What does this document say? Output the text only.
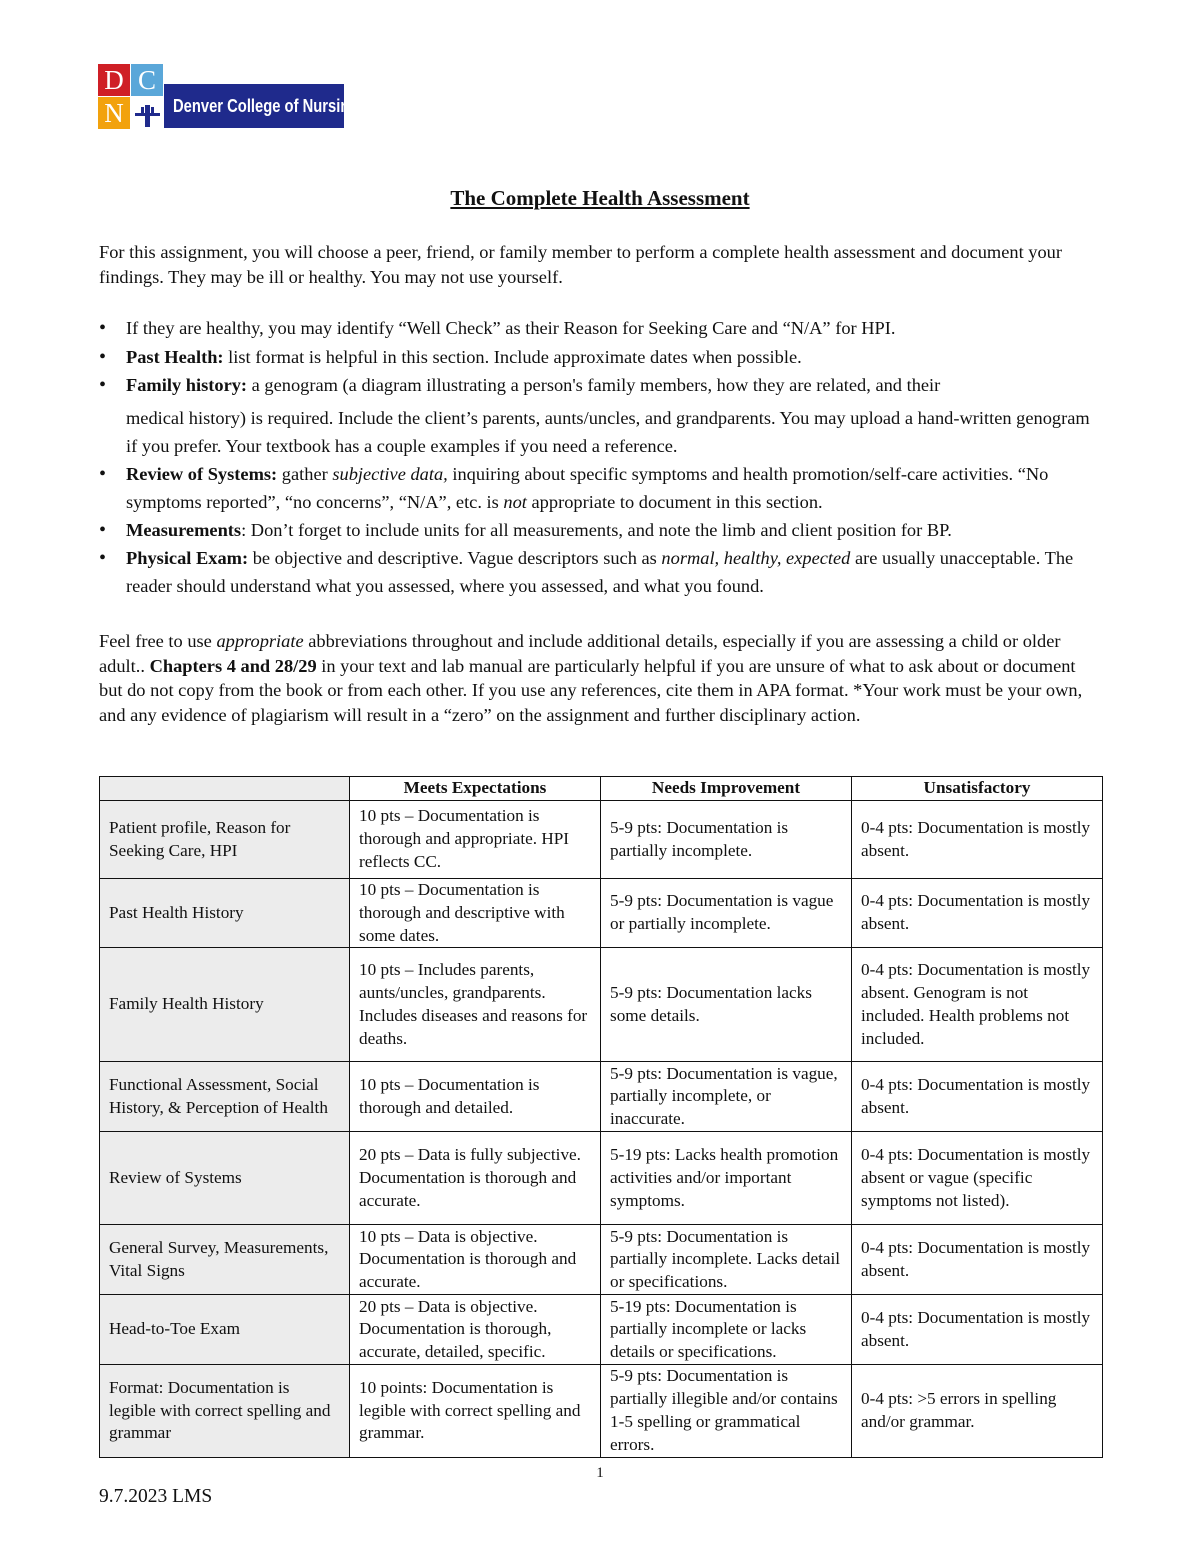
D C
N	Denver College of Nursing
The Complete Health Assessment

For this assignment, you will choose a peer, friend, or family member to perform a complete health assessment and document your findings. They may be ill or healthy. You may not use yourself.

• If they are healthy, you may identify “Well Check” as their Reason for Seeking Care and “N/A” for HPI.
• Past Health: list format is helpful in this section. Include approximate dates when possible.
• Family history: a genogram (a diagram illustrating a person's family members, how they are related, and their
medical history) is required. Include the client’s parents, aunts/uncles, and grandparents. You may upload a hand-written genogram if you prefer. Your textbook has a couple examples if you need a reference.
• Review of Systems: gather subjective data, inquiring about specific symptoms and health promotion/self-care activities. “No symptoms reported”, “no concerns”, “N/A”, etc. is not appropriate to document in this section.
• Measurements: Don’t forget to include units for all measurements, and note the limb and client position for BP.
• Physical Exam: be objective and descriptive. Vague descriptors such as normal, healthy, expected are usually unacceptable. The reader should understand what you assessed, where you assessed, and what you found.

Feel free to use appropriate abbreviations throughout and include additional details, especially if you are assessing a child or older adult.. Chapters 4 and 28/29 in your text and lab manual are particularly helpful if you are unsure of what to ask about or document but do not copy from the book or from each other. If you use any references, cite them in APA format. *Your work must be your own, and any evidence of plagiarism will result in a “zero” on the assignment and further disciplinary action.

	Meets Expectations	Needs Improvement	Unsatisfactory
Patient profile, Reason for Seeking Care, HPI	10 pts – Documentation is thorough and appropriate. HPI reflects CC.	5-9 pts: Documentation is partially incomplete.	0-4 pts: Documentation is mostly absent.
Past Health History	10 pts – Documentation is thorough and descriptive with some dates.	5-9 pts: Documentation is vague or partially incomplete.	0-4 pts: Documentation is mostly absent.
Family Health History	10 pts – Includes parents, aunts/uncles, grandparents. Includes diseases and reasons for deaths.	5-9 pts: Documentation lacks some details.	0-4 pts: Documentation is mostly absent. Genogram is not included. Health problems not included.
Functional Assessment, Social History, & Perception of Health	10 pts – Documentation is thorough and detailed.	5-9 pts: Documentation is vague, partially incomplete, or inaccurate.	0-4 pts: Documentation is mostly absent.
Review of Systems	20 pts – Data is fully subjective. Documentation is thorough and accurate.	5-19 pts: Lacks health promotion activities and/or important symptoms.	0-4 pts: Documentation is mostly absent or vague (specific symptoms not listed).
General Survey, Measurements, Vital Signs	10 pts – Data is objective. Documentation is thorough and accurate.	5-9 pts: Documentation is partially incomplete. Lacks detail or specifications.	0-4 pts: Documentation is mostly absent.
Head-to-Toe Exam	20 pts – Data is objective. Documentation is thorough, accurate, detailed, specific.	5-19 pts: Documentation is partially incomplete or lacks details or specifications.	0-4 pts: Documentation is mostly absent.
Format: Documentation is legible with correct spelling and grammar	10 points: Documentation is legible with correct spelling and grammar.	5-9 pts: Documentation is partially illegible and/or contains 1-5 spelling or grammatical errors.	0-4 pts: >5 errors in spelling and/or grammar.
1
9.7.2023 LMS
